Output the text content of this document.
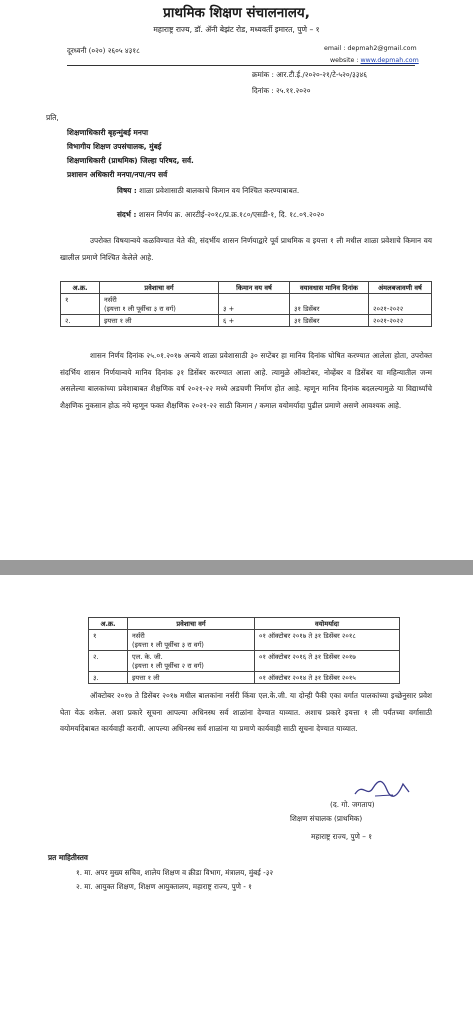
प्राथमिक शिक्षण संचालनालय,
महाराष्ट्र राज्य, डॉ. ॲनी बेझंट रोड, मध्यवर्ती इमारत, पुणे – १
दूरध्वनी (०२०) २६०५ ४३१८	email : depmah2@gmail.com
website : www.depmah.com
क्रमांक : आर.टी.ई./२०२०-२१/टे-५२०/३३४६
दिनांक : २५.११.२०२०
प्रति,
शिक्षणाधिकारी बृहन्मुंबई मनपा
विभागीय शिक्षण उपसंचालक, मुंबई
शिक्षणाधिकारी (प्राथमिक) जिल्हा परिषद, सर्व.
प्रशासन अधिकारी मनपा/नपा/नप सर्व
विषय : शाळा प्रवेशासाठी बालकाचे किमान वय निश्चित करण्याबाबत.
संदर्भ : शासन निर्णय क्र. आरटीई-२०१८/प्र.क्र.१८०/एसडी-१, दि. १८.०९.२०२०
उपरोक्त विषयान्वये कळविण्यात येते की, संदर्भीय शासन निर्णयाद्वारे पूर्व प्राथमिक व इयत्ता १ ली मधील शाळा प्रवेशाचे किमान वय खालील प्रमाणे निश्चित केलेले आहे.
अ.क्र.	प्रवेशाचा वर्ग	किमान वय वर्ष	वयावधास मानिव दिनांक	अंमलबजावणी वर्ष
१	नर्सरी
(इयत्ता १ ली पूर्वीचा ३ रा वर्ग)	३ +	३१ डिसेंबर	२०२१-२०२२
२.	इयत्ता १ ली	६ +	३१ डिसेंबर	२०२१-२०२२
शासन निर्णय दिनांक २५.०१.२०१७ अन्वये शाळा प्रवेशासाठी ३० सप्टेंबर हा मानिव दिनांक घोषित करण्यात आलेला होता, उपरोक्त संदर्भिय शासन निर्णयान्वये मानिव दिनांक ३१ डिसेंबर करण्यात आला आहे. त्यामुळे ऑक्टोबर, नोव्हेंबर व डिसेंबर या महिन्यातील जन्म असलेल्या बालकांच्या प्रवेशाबाबत शैक्षणिक वर्ष २०२१-२२ मध्ये अडचणी निर्माण होत आहे. म्हणून मानिव दिनांक बदलल्यामुळे या विद्यार्थ्यांचे शैक्षणिक नुकसान होऊ नये म्हणून फक्त शैक्षणिक २०२१-२२ साठी किमान / कमाल वयोमर्यादा पुढील प्रमाणे असणे आवश्यक आहे.
अ.क्र.	प्रवेशाचा वर्ग	वयोमर्यादा
१	नर्सरी
(इयत्ता १ ली पूर्वीचा ३ रा वर्ग)	०१ ऑक्टोबर २०१७ ते ३१ डिसेंबर २०१८
२.	एल. के. जी.
(इयत्ता १ ली पूर्वीचा २ रा वर्ग)	०१ ऑक्टोबर २०१६ ते ३१ डिसेंबर २०१७
३.	इयत्ता १ ली	०१ ऑक्टोबर २०१४ ते ३१ डिसेंबर २०१५
ऑक्टोबर २०१७ ते डिसेंबर २०१७ मधील बालकांना नर्सरी किंवा एल.के.जी. या दोन्ही पैकी एका वर्गात पालकांच्या इच्छेनुसार प्रवेश घेता येऊ शकेल. अशा प्रकारे सूचना आपल्या अधिनस्थ सर्व शाळांना देण्यात याव्यात. अशाच प्रकारे इयत्ता १ ली पर्यंतच्या वर्गासाठी वयोमर्यादेबाबत कार्यवाही करावी. आपल्या अधिनस्थ सर्व शाळांना या प्रमाणे कार्यवाही साठी सूचना देण्यात याव्यात.
(द. गो. जगताप)
शिक्षण संचालक (प्राथमिक)
महाराष्ट्र राज्य, पुणे – १
प्रत माहितीस्तव
१. मा. अपर मुख्य सचिव, शालेय शिक्षण व क्रीडा विभाग, मंत्रालय, मुंबई -३२
२. मा. आयुक्त शिक्षण, शिक्षण आयुक्तालय, महाराष्ट्र राज्य, पुणे - १
